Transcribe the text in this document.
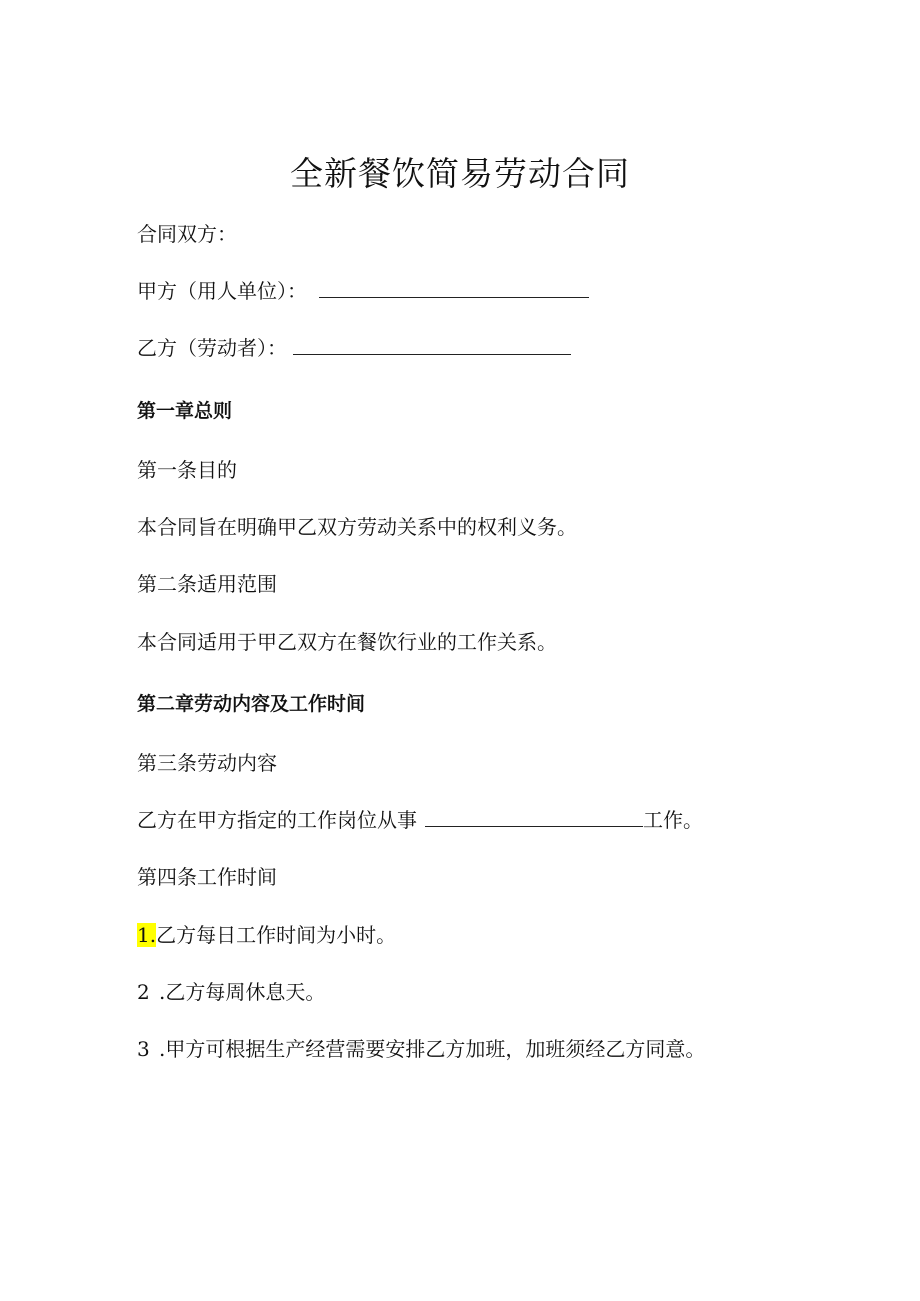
全新餐饮简易劳动合同
合同双方：
甲方（用人单位）：
乙方（劳动者）：
第一章总则
第一条目的
本合同旨在明确甲乙双方劳动关系中的权利义务。
第二条适用范围
本合同适用于甲乙双方在餐饮行业的工作关系。
第二章劳动内容及工作时间
第三条劳动内容
乙方在甲方指定的工作岗位从事	工作。
第四条工作时间
1.乙方每日工作时间为小时。
2 .乙方每周休息天。
3 .甲方可根据生产经营需要安排乙方加班，加班须经乙方同意。
